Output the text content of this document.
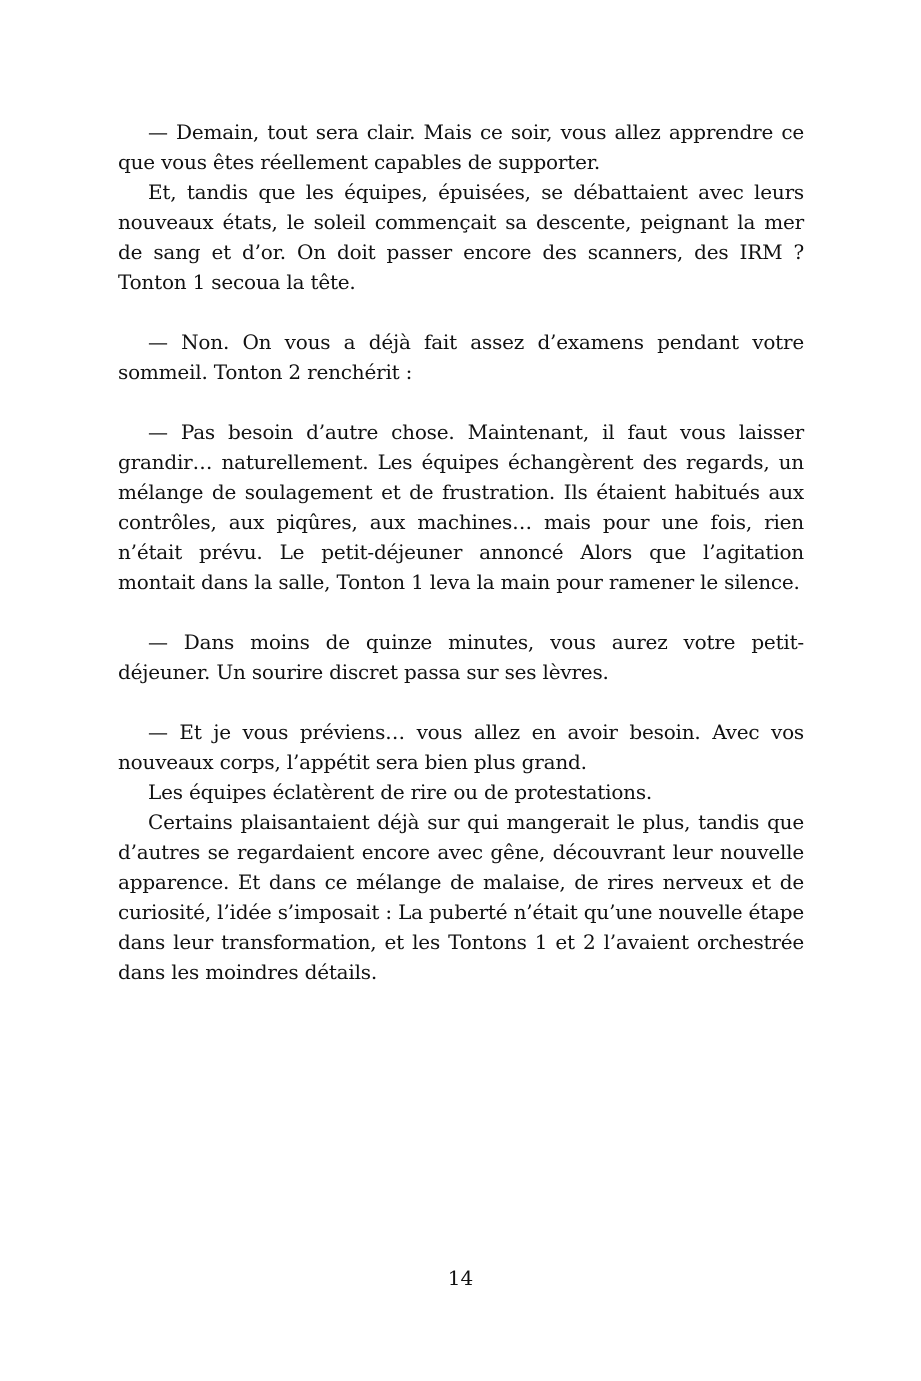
— Demain, tout sera clair. Mais ce soir, vous allez apprendre ce que vous êtes réellement capables de supporter.

Et, tandis que les équipes, épuisées, se débattaient avec leurs nouveaux états, le soleil commençait sa descente, peignant la mer de sang et d’or. On doit passer encore des scanners, des IRM ? Tonton 1 secoua la tête.

— Non. On vous a déjà fait assez d’examens pendant votre sommeil. Tonton 2 renchérit :

— Pas besoin d’autre chose. Maintenant, il faut vous laisser grandir… naturellement. Les équipes échangèrent des regards, un mélange de soulagement et de frustration. Ils étaient habitués aux contrôles, aux piqûres, aux machines… mais pour une fois, rien n’était prévu. Le petit-déjeuner annoncé Alors que l’agitation montait dans la salle, Tonton 1 leva la main pour ramener le silence.

— Dans moins de quinze minutes, vous aurez votre petit-déjeuner. Un sourire discret passa sur ses lèvres.

— Et je vous préviens… vous allez en avoir besoin. Avec vos nouveaux corps, l’appétit sera bien plus grand.

Les équipes éclatèrent de rire ou de protestations.

Certains plaisantaient déjà sur qui mangerait le plus, tandis que d’autres se regardaient encore avec gêne, découvrant leur nouvelle apparence. Et dans ce mélange de malaise, de rires nerveux et de curiosité, l’idée s’imposait : La puberté n’était qu’une nouvelle étape dans leur transformation, et les Tontons 1 et 2 l’avaient orchestrée dans les moindres détails.

14
